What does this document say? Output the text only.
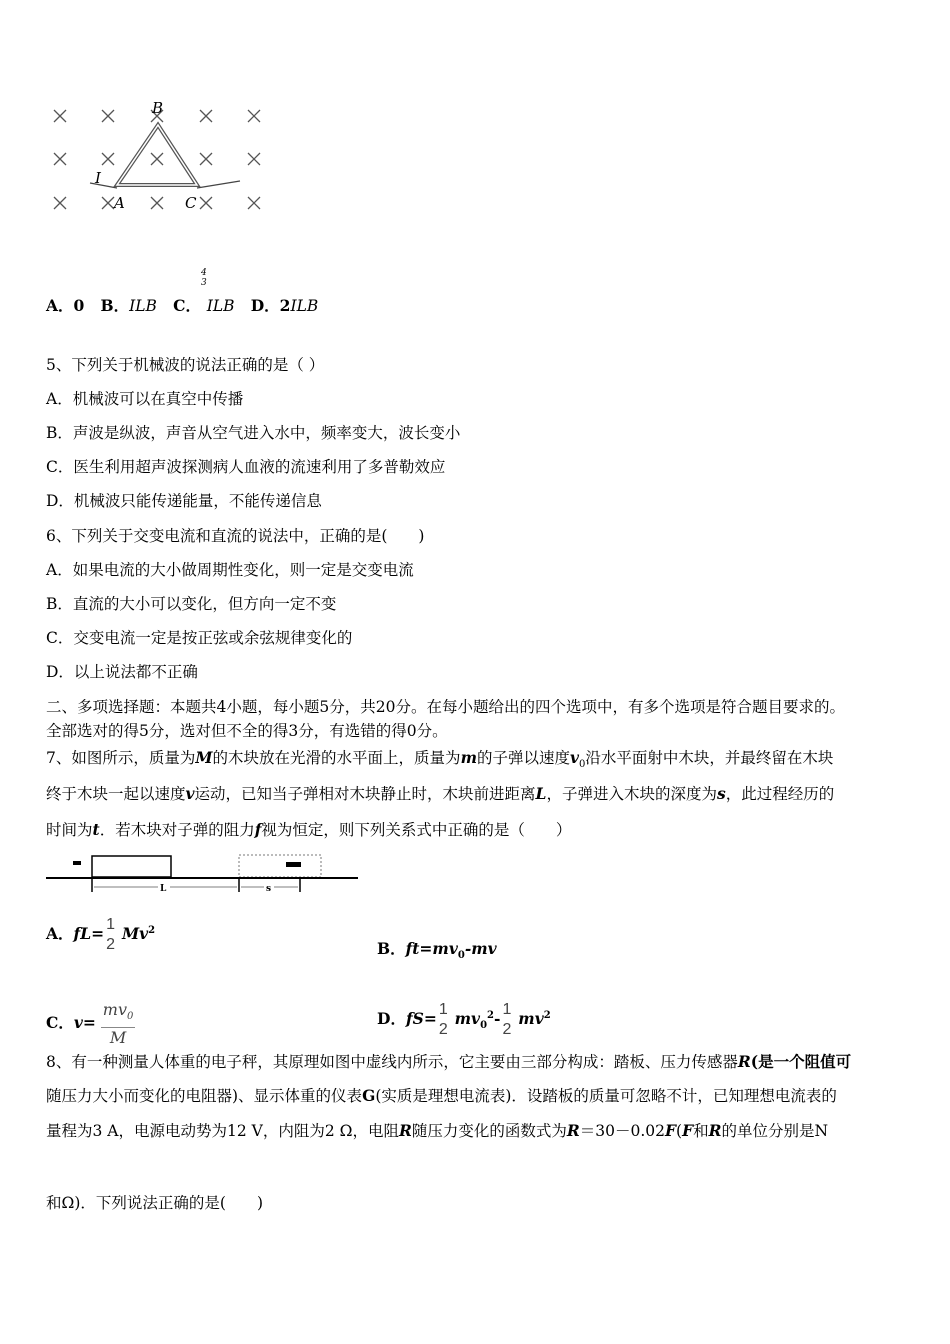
B
A	C
I
A．0 B．ILB C．
4
3
ILB D．2ILB
5、下列关于机械波的说法正确的是（ ）
A．机械波可以在真空中传播
B．声波是纵波，声音从空气进入水中，频率变大，波长变小
C．医生利用超声波探测病人血液的流速利用了多普勒效应
D．机械波只能传递能量，不能传递信息
6、下列关于交变电流和直流的说法中，正确的是(　　)
A．如果电流的大小做周期性变化，则一定是交变电流
B．直流的大小可以变化，但方向一定不变
C．交变电流一定是按正弦或余弦规律变化的
D．以上说法都不正确
二、多项选择题：本题共4小题，每小题5分，共20分。在每小题给出的四个选项中，有多个选项是符合题目要求的。
全部选对的得5分，选对但不全的得3分，有选错的得0分。
7、如图所示，质量为M的木块放在光滑的水平面上，质量为m的子弹以速度$v_0$沿水平面射中木块，并最终留在木块
终于木块一起以速度v运动，已知当子弹相对木块静止时，木块前进距离L，子弹进入木块的深度为s，此过程经历的
时间为t．若木块对子弹的阻力f视为恒定，则下列关系式中正确的是（　　）
L	s
A．fL= 1
2
Mv$^2$
B．$ft=mv_0-mv$
C．$v= \frac{mv_0}{M}$	D．fS= 1
2
$mv_0^2-$ 1
2
$mv^2$
8、有一种测量人体重的电子秤，其原理如图中虚线内所示，它主要由三部分构成：踏板、压力传感器R(是一个阻值可
随压力大小而变化的电阻器)、显示体重的仪表G(实质是理想电流表)．设踏板的质量可忽略不计，已知理想电流表的
量程为3 A，电源电动势为12 V，内阻为2 Ω，电阻R随压力变化的函数式为R＝30－0.02F(F和R的单位分别是N
和Ω)．下列说法正确的是(　　)
